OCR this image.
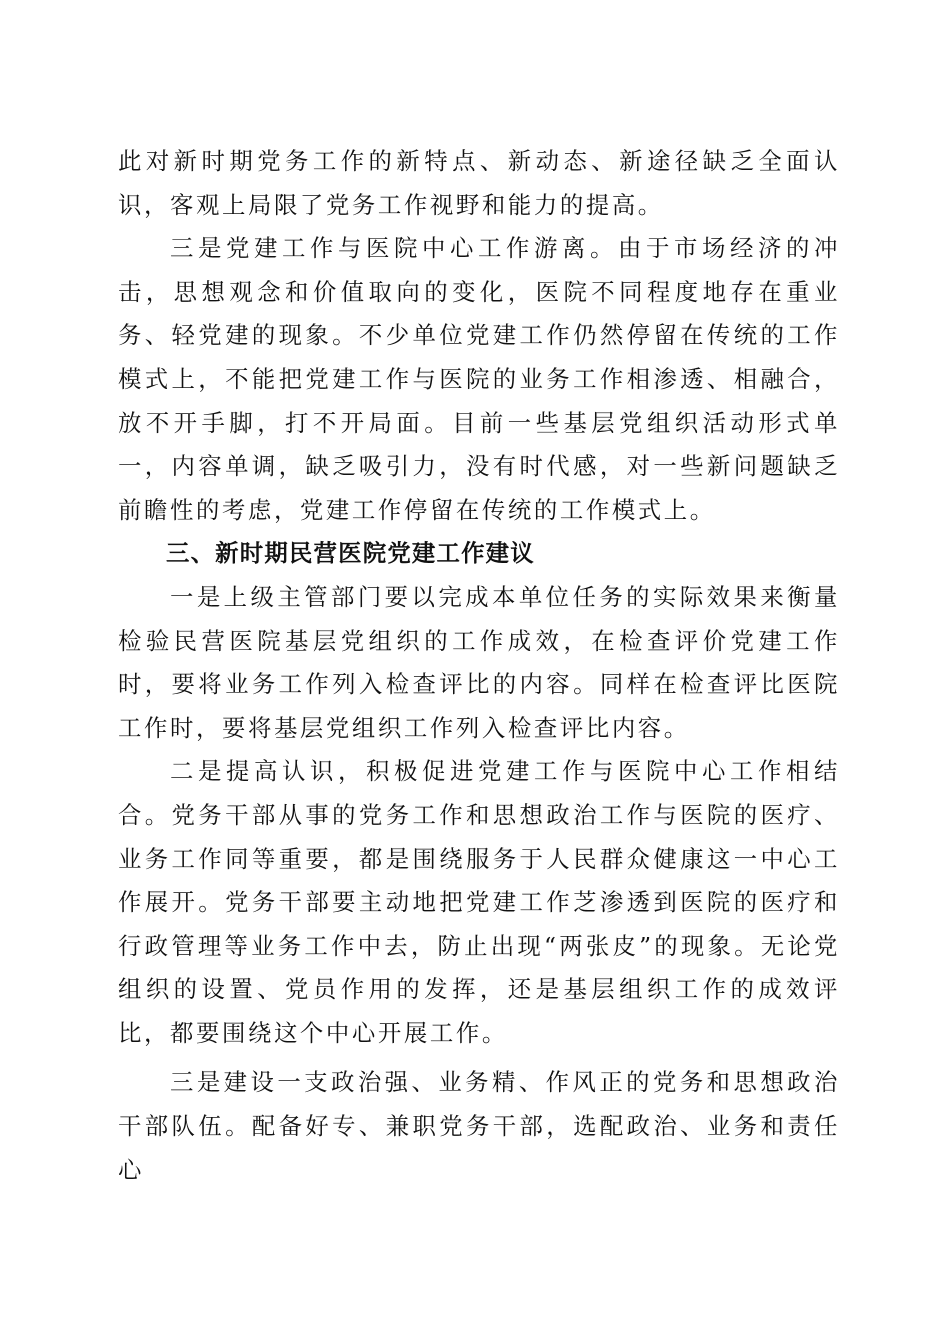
此对新时期党务工作的新特点、新动态、新途径缺乏全面认识，客观上局限了党务工作视野和能力的提高。

三是党建工作与医院中心工作游离。由于市场经济的冲击，思想观念和价值取向的变化，医院不同程度地存在重业务、轻党建的现象。不少单位党建工作仍然停留在传统的工作模式上，不能把党建工作与医院的业务工作相渗透、相融合，放不开手脚，打不开局面。目前一些基层党组织活动形式单一，内容单调，缺乏吸引力，没有时代感，对一些新问题缺乏前瞻性的考虑，党建工作停留在传统的工作模式上。

三、新时期民营医院党建工作建议

一是上级主管部门要以完成本单位任务的实际效果来衡量检验民营医院基层党组织的工作成效，在检查评价党建工作时，要将业务工作列入检查评比的内容。同样在检查评比医院工作时，要将基层党组织工作列入检查评比内容。

二是提高认识，积极促进党建工作与医院中心工作相结合。党务干部从事的党务工作和思想政治工作与医院的医疗、业务工作同等重要，都是围绕服务于人民群众健康这一中心工作展开。党务干部要主动地把党建工作芝渗透到医院的医疗和行政管理等业务工作中去，防止出现“两张皮”的现象。无论党组织的设置、党员作用的发挥，还是基层组织工作的成效评比，都要围绕这个中心开展工作。

三是建设一支政治强、业务精、作风正的党务和思想政治干部队伍。配备好专、兼职党务干部，选配政治、业务和责任心
